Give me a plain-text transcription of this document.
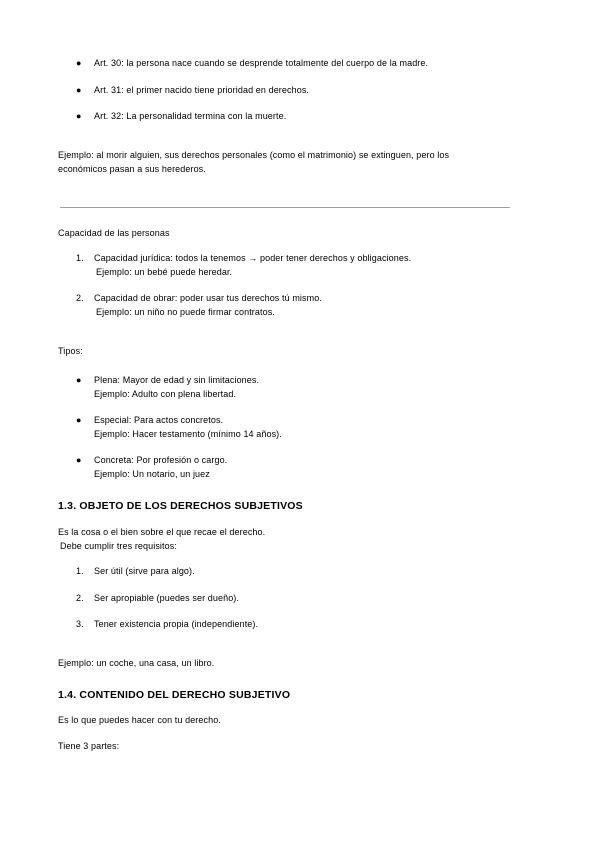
● Art. 30: la persona nace cuando se desprende totalmente del cuerpo de la madre.
● Art. 31: el primer nacido tiene prioridad en derechos.
● Art. 32: La personalidad termina con la muerte.
Ejemplo: al morir alguien, sus derechos personales (como el matrimonio) se extinguen, pero los
económicos pasan a sus herederos.
Capacidad de las personas
1. Capacidad jurídica: todos la tenemos → poder tener derechos y obligaciones.
Ejemplo: un bebé puede heredar.
2. Capacidad de obrar: poder usar tus derechos tú mismo.
Ejemplo: un niño no puede firmar contratos.
Tipos:
● Plena: Mayor de edad y sin limitaciones.
Ejemplo: Adulto con plena libertad.
● Especial: Para actos concretos.
Ejemplo: Hacer testamento (mínimo 14 años).
● Concreta: Por profesión o cargo.
Ejemplo: Un notario, un juez
1.3. OBJETO DE LOS DERECHOS SUBJETIVOS
Es la cosa o el bien sobre el que recae el derecho.
Debe cumplir tres requisitos:
1. Ser útil (sirve para algo).
2. Ser apropiable (puedes ser dueño).
3. Tener existencia propia (independiente).
Ejemplo: un coche, una casa, un libro.
1.4. CONTENIDO DEL DERECHO SUBJETIVO
Es lo que puedes hacer con tu derecho.
Tiene 3 partes:
